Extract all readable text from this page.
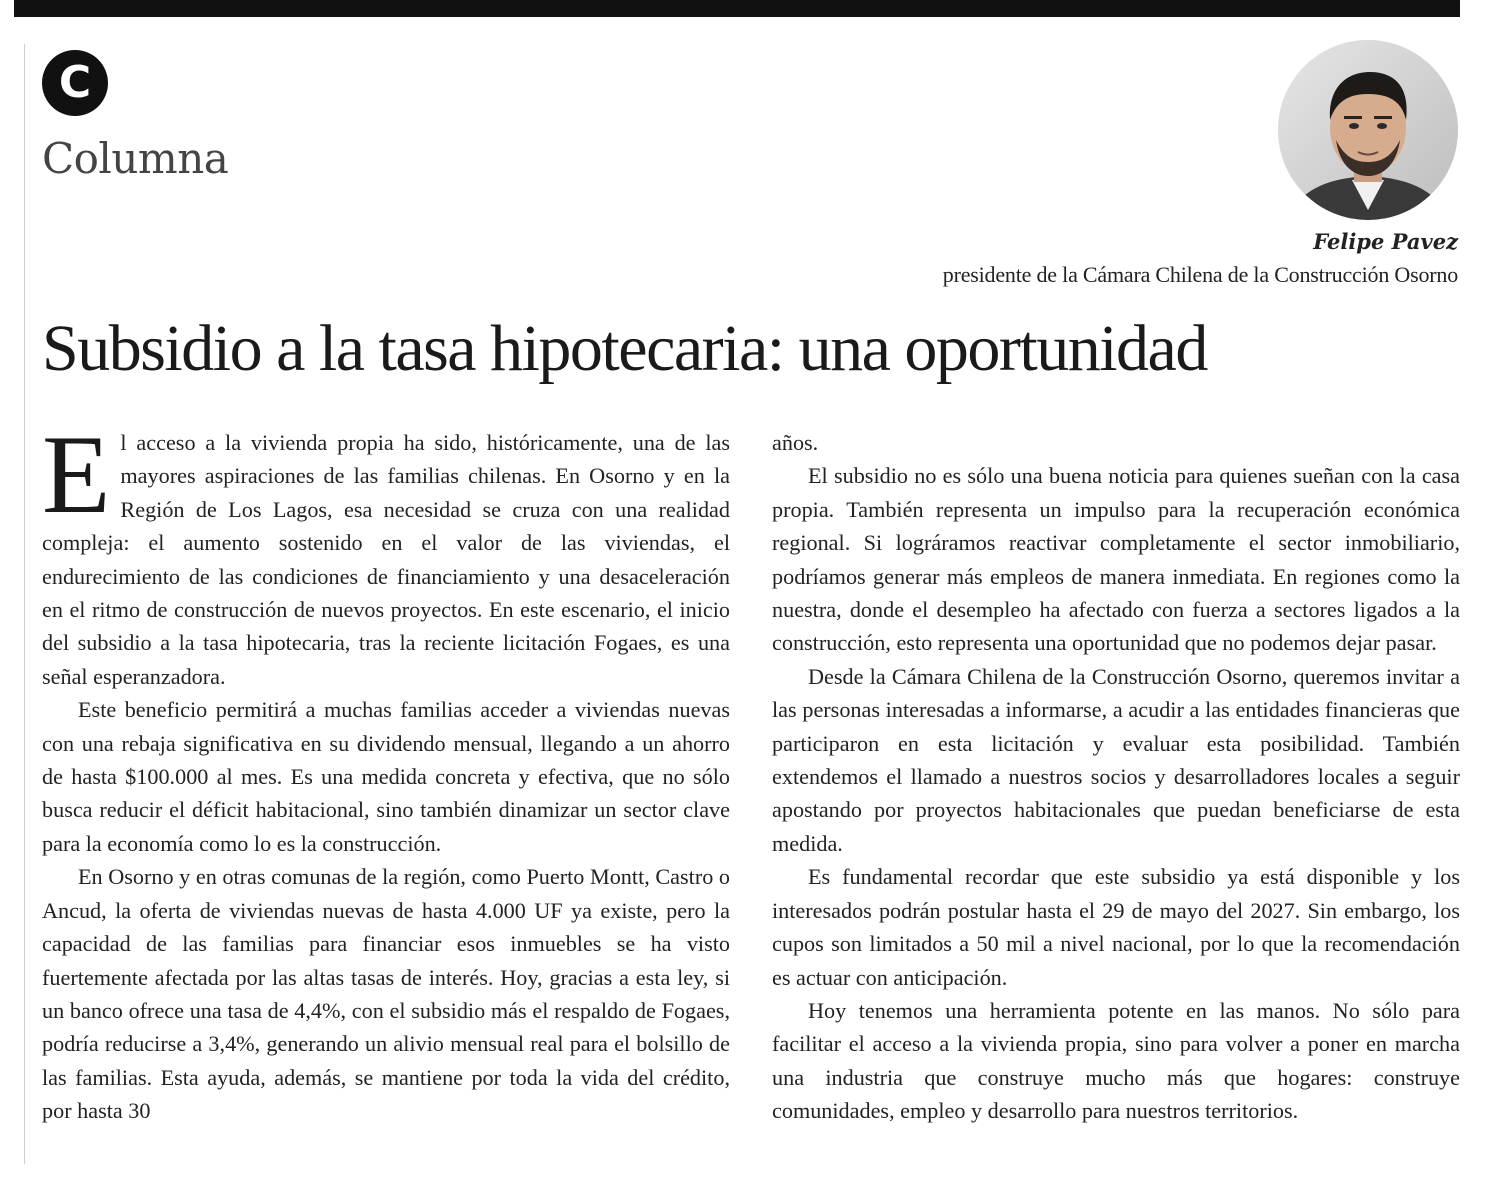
C
Columna
Felipe Pavez
presidente de la Cámara Chilena de la Construcción Osorno
Subsidio a la tasa hipotecaria: una oportunidad

El acceso a la vivienda propia ha sido, históricamente, una de las mayores aspiraciones de las familias chilenas. En Osorno y en la Región de Los Lagos, esa necesidad se cruza con una realidad compleja: el aumento sostenido en el valor de las viviendas, el endurecimiento de las condiciones de financiamiento y una desaceleración en el ritmo de construcción de nuevos proyectos. En este escenario, el inicio del subsidio a la tasa hipotecaria, tras la reciente licitación Fogaes, es una señal esperanzadora.

Este beneficio permitirá a muchas familias acceder a viviendas nuevas con una rebaja significativa en su dividendo mensual, llegando a un ahorro de hasta $100.000 al mes. Es una medida concreta y efectiva, que no sólo busca reducir el déficit habitacional, sino también dinamizar un sector clave para la economía como lo es la construcción.

En Osorno y en otras comunas de la región, como Puerto Montt, Castro o Ancud, la oferta de viviendas nuevas de hasta 4.000 UF ya existe, pero la capacidad de las familias para financiar esos inmuebles se ha visto fuertemente afectada por las altas tasas de interés. Hoy, gracias a esta ley, si un banco ofrece una tasa de 4,4%, con el subsidio más el respaldo de Fogaes, podría reducirse a 3,4%, generando un alivio mensual real para el bolsillo de las familias. Esta ayuda, además, se mantiene por toda la vida del crédito, por hasta 30

años.

El subsidio no es sólo una buena noticia para quienes sueñan con la casa propia. También representa un impulso para la recuperación económica regional. Si lográramos reactivar completamente el sector inmobiliario, podríamos generar más empleos de manera inmediata. En regiones como la nuestra, donde el desempleo ha afectado con fuerza a sectores ligados a la construcción, esto representa una oportunidad que no podemos dejar pasar.

Desde la Cámara Chilena de la Construcción Osorno, queremos invitar a las personas interesadas a informarse, a acudir a las entidades financieras que participaron en esta licitación y evaluar esta posibilidad. También extendemos el llamado a nuestros socios y desarrolladores locales a seguir apostando por proyectos habitacionales que puedan beneficiarse de esta medida.

Es fundamental recordar que este subsidio ya está disponible y los interesados podrán postular hasta el 29 de mayo del 2027. Sin embargo, los cupos son limitados a 50 mil a nivel nacional, por lo que la recomendación es actuar con anticipación.

Hoy tenemos una herramienta potente en las manos. No sólo para facilitar el acceso a la vivienda propia, sino para volver a poner en marcha una industria que construye mucho más que hogares: construye comunidades, empleo y desarrollo para nuestros territorios.
